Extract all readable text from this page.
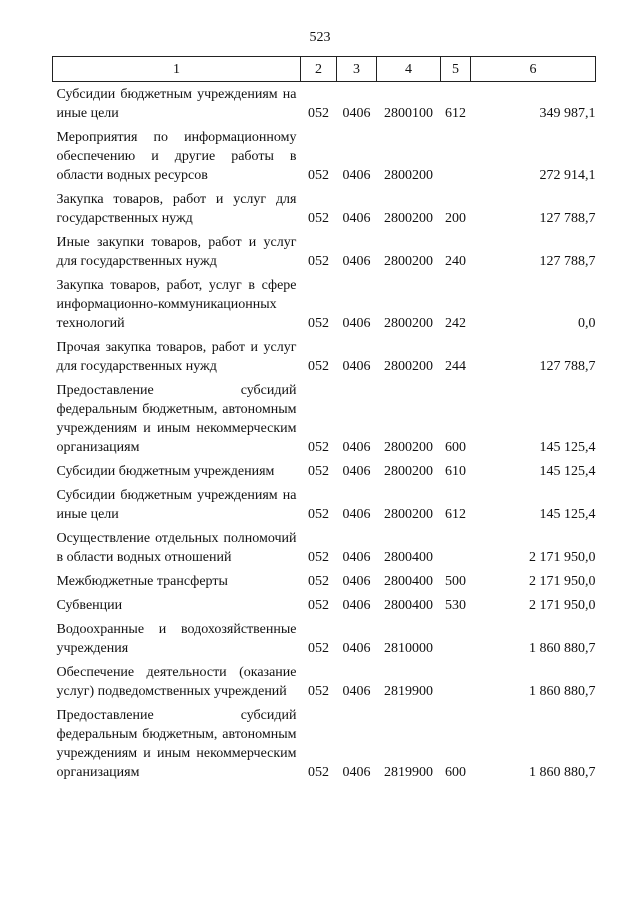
523
1	2	3	4	5	6
Субсидии бюджетным учреждениям на иные цели	052	0406	2800100	612	349 987,1
Мероприятия по информационному обеспечению и другие работы в области водных ресурсов	052	0406	2800200		272 914,1
Закупка товаров, работ и услуг для государственных нужд	052	0406	2800200	200	127 788,7
Иные закупки товаров, работ и услуг для государственных нужд	052	0406	2800200	240	127 788,7
Закупка товаров, работ, услуг в сфере информационно-коммуникационных технологий	052	0406	2800200	242	0,0
Прочая закупка товаров, работ и услуг для государственных нужд	052	0406	2800200	244	127 788,7
Предоставление субсидий федеральным бюджетным, автономным учреждениям и иным некоммерческим организациям	052	0406	2800200	600	145 125,4
Субсидии бюджетным учреждениям	052	0406	2800200	610	145 125,4
Субсидии бюджетным учреждениям на иные цели	052	0406	2800200	612	145 125,4
Осуществление отдельных полномочий в области водных отношений	052	0406	2800400		2 171 950,0
Межбюджетные трансферты	052	0406	2800400	500	2 171 950,0
Субвенции	052	0406	2800400	530	2 171 950,0
Водоохранные и водохозяйственные учреждения	052	0406	2810000		1 860 880,7
Обеспечение деятельности (оказание услуг) подведомственных учреждений	052	0406	2819900		1 860 880,7
Предоставление субсидий федеральным бюджетным, автономным учреждениям и иным некоммерческим организациям	052	0406	2819900	600	1 860 880,7
